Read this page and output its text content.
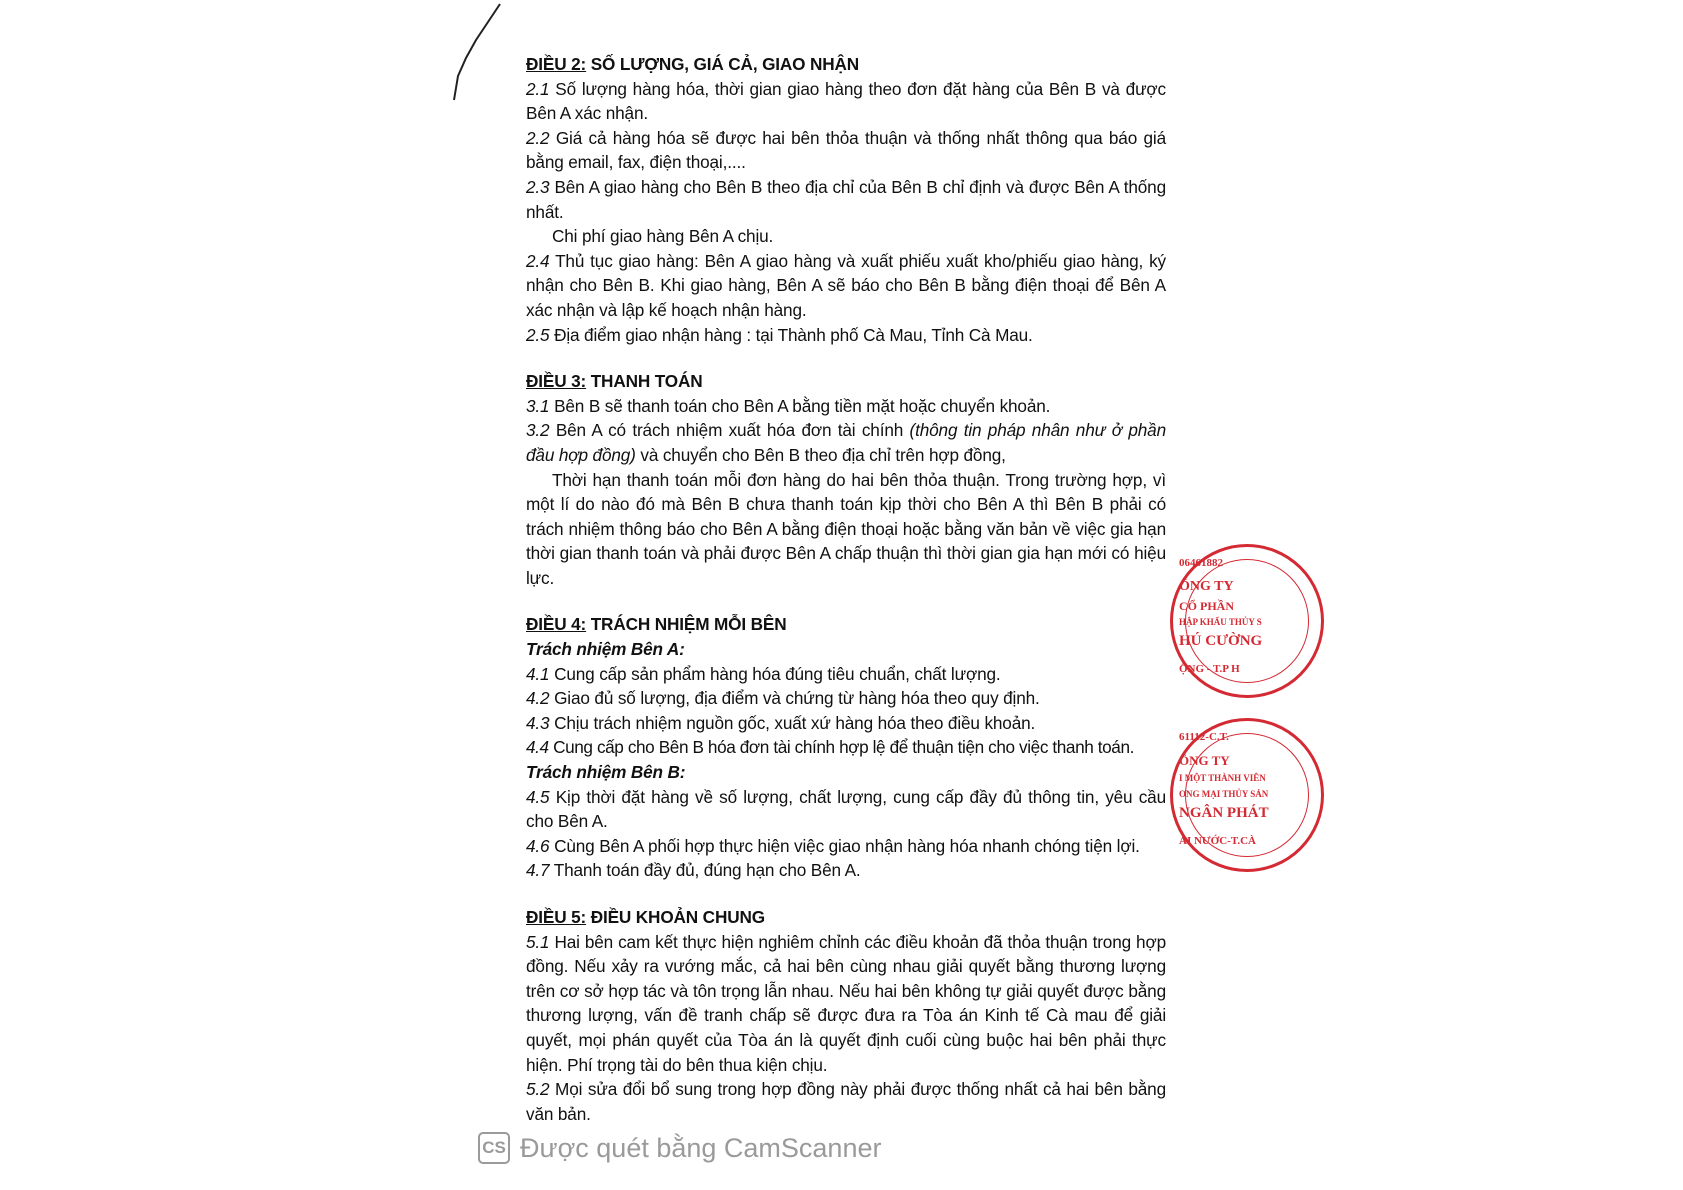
ĐIỀU 2: SỐ LƯỢNG, GIÁ CẢ, GIAO NHẬN

2.1 Số lượng hàng hóa, thời gian giao hàng theo đơn đặt hàng của Bên B và được Bên A xác nhận.

2.2 Giá cả hàng hóa sẽ được hai bên thỏa thuận và thống nhất thông qua báo giá bằng email, fax, điện thoại,....

2.3 Bên A giao hàng cho Bên B theo địa chỉ của Bên B chỉ định và được Bên A thống nhất.

Chi phí giao hàng Bên A chịu.

2.4 Thủ tục giao hàng: Bên A giao hàng và xuất phiếu xuất kho/phiếu giao hàng, ký nhận cho Bên B. Khi giao hàng, Bên A sẽ báo cho Bên B bằng điện thoại để Bên A xác nhận và lập kế hoạch nhận hàng.

2.5 Địa điểm giao nhận hàng : tại Thành phố Cà Mau, Tỉnh Cà Mau.

ĐIỀU 3: THANH TOÁN

3.1 Bên B sẽ thanh toán cho Bên A bằng tiền mặt hoặc chuyển khoản.

3.2 Bên A có trách nhiệm xuất hóa đơn tài chính (thông tin pháp nhân như ở phần đầu hợp đồng) và chuyển cho Bên B theo địa chỉ trên hợp đồng,

Thời hạn thanh toán mỗi đơn hàng do hai bên thỏa thuận. Trong trường hợp, vì một lí do nào đó mà Bên B chưa thanh toán kịp thời cho Bên A thì Bên B phải có trách nhiệm thông báo cho Bên A bằng điện thoại hoặc bằng văn bản về việc gia hạn thời gian thanh toán và phải được Bên A chấp thuận thì thời gian gia hạn mới có hiệu lực.

ĐIỀU 4: TRÁCH NHIỆM MỖI BÊN

Trách nhiệm Bên A:

4.1 Cung cấp sản phẩm hàng hóa đúng tiêu chuẩn, chất lượng.

4.2 Giao đủ số lượng, địa điểm và chứng từ hàng hóa theo quy định.

4.3 Chịu trách nhiệm nguồn gốc, xuất xứ hàng hóa theo điều khoản.

4.4 Cung cấp cho Bên B hóa đơn tài chính hợp lệ để thuận tiện cho việc thanh toán.

Trách nhiệm Bên B:

4.5 Kịp thời đặt hàng về số lượng, chất lượng, cung cấp đầy đủ thông tin, yêu cầu cho Bên A.

4.6 Cùng Bên A phối hợp thực hiện việc giao nhận hàng hóa nhanh chóng tiện lợi.

4.7 Thanh toán đầy đủ, đúng hạn cho Bên A.

ĐIỀU 5: ĐIỀU KHOẢN CHUNG

5.1 Hai bên cam kết thực hiện nghiêm chỉnh các điều khoản đã thỏa thuận trong hợp đồng. Nếu xảy ra vướng mắc, cả hai bên cùng nhau giải quyết bằng thương lượng trên cơ sở hợp tác và tôn trọng lẫn nhau. Nếu hai bên không tự giải quyết được bằng thương lượng, vấn đề tranh chấp sẽ được đưa ra Tòa án Kinh tế Cà mau để giải quyết, mọi phán quyết của Tòa án là quyết định cuối cùng buộc hai bên phải thực hiện. Phí trọng tài do bên thua kiện chịu.

5.2 Mọi sửa đổi bổ sung trong hợp đồng này phải được thống nhất cả hai bên bằng văn bản.

06461882
ÔNG TY
CỔ PHẦN
HẬP KHẨU THỦY S
HÚ CƯỜNG
ỘNG - T.P H
61112-C.T.
ÔNG TY
I MỘT THÀNH VIÊN
ƠNG MẠI THỦY SẢN
NGÂN PHÁT
ÁI NƯỚC-T.CÀ
CS Được quét bằng CamScanner
